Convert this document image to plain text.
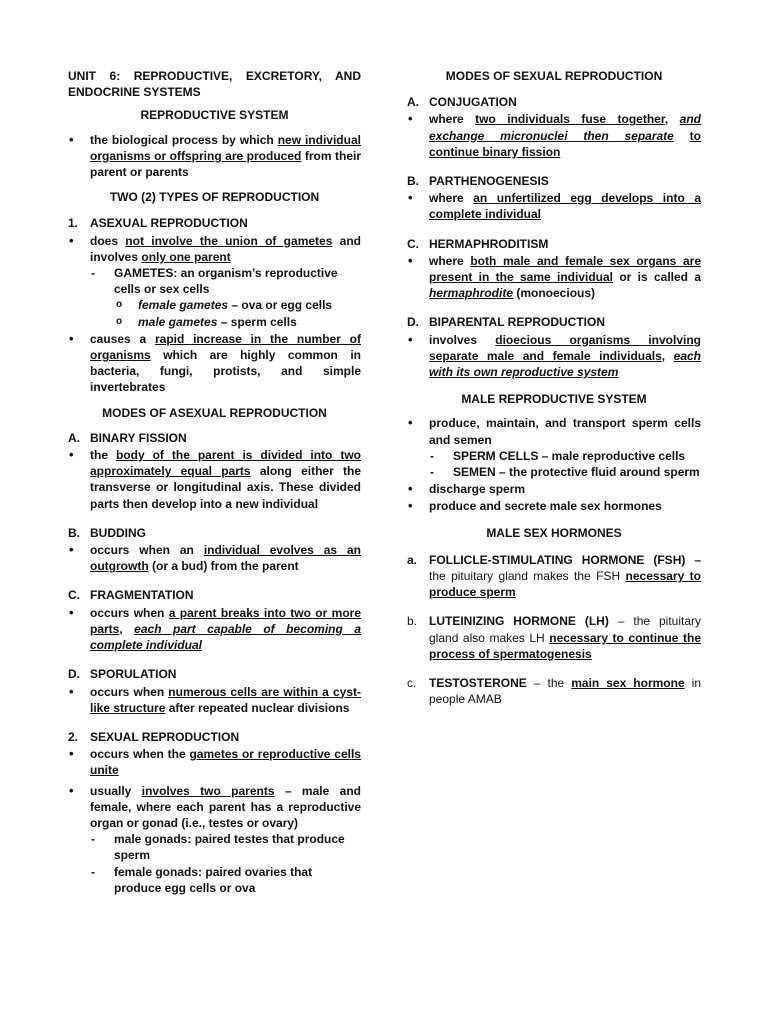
UNIT 6: REPRODUCTIVE, EXCRETORY, AND ENDOCRINE SYSTEMS
REPRODUCTIVE SYSTEM
• the biological process by which new individual organisms or offspring are produced from their parent or parents
TWO (2) TYPES OF REPRODUCTION
1. ASEXUAL REPRODUCTION
• does not involve the union of gametes and involves only one parent
- GAMETES: an organism’s reproductive cells or sex cells
o female gametes – ova or egg cells
o male gametes – sperm cells
• causes a rapid increase in the number of organisms which are highly common in bacteria, fungi, protists, and simple invertebrates
MODES OF ASEXUAL REPRODUCTION
A. BINARY FISSION
• the body of the parent is divided into two approximately equal parts along either the transverse or longitudinal axis. These divided parts then develop into a new individual
B. BUDDING
• occurs when an individual evolves as an outgrowth (or a bud) from the parent
C. FRAGMENTATION
• occurs when a parent breaks into two or more parts, each part capable of becoming a complete individual
D. SPORULATION
• occurs when numerous cells are within a cyst-like structure after repeated nuclear divisions
2. SEXUAL REPRODUCTION
• occurs when the gametes or reproductive cells unite
• usually involves two parents – male and female, where each parent has a reproductive organ or gonad (i.e., testes or ovary)
- male gonads: paired testes that produce sperm
- female gonads: paired ovaries that produce egg cells or ova
MODES OF SEXUAL REPRODUCTION
A. CONJUGATION
• where two individuals fuse together, and exchange micronuclei then separate to continue binary fission
B. PARTHENOGENESIS
• where an unfertilized egg develops into a complete individual
C. HERMAPHRODITISM
• where both male and female sex organs are present in the same individual or is called a hermaphrodite (monoecious)
D. BIPARENTAL REPRODUCTION
• involves dioecious organisms involving separate male and female individuals, each with its own reproductive system
MALE REPRODUCTIVE SYSTEM
• produce, maintain, and transport sperm cells and semen
- SPERM CELLS – male reproductive cells
- SEMEN – the protective fluid around sperm
• discharge sperm
• produce and secrete male sex hormones
MALE SEX HORMONES
a. FOLLICLE-STIMULATING HORMONE (FSH) – the pituitary gland makes the FSH necessary to produce sperm
b. LUTEINIZING HORMONE (LH) – the pituitary gland also makes LH necessary to continue the process of spermatogenesis
c.	TESTOSTERONE – the main sex hormone in people AMAB
